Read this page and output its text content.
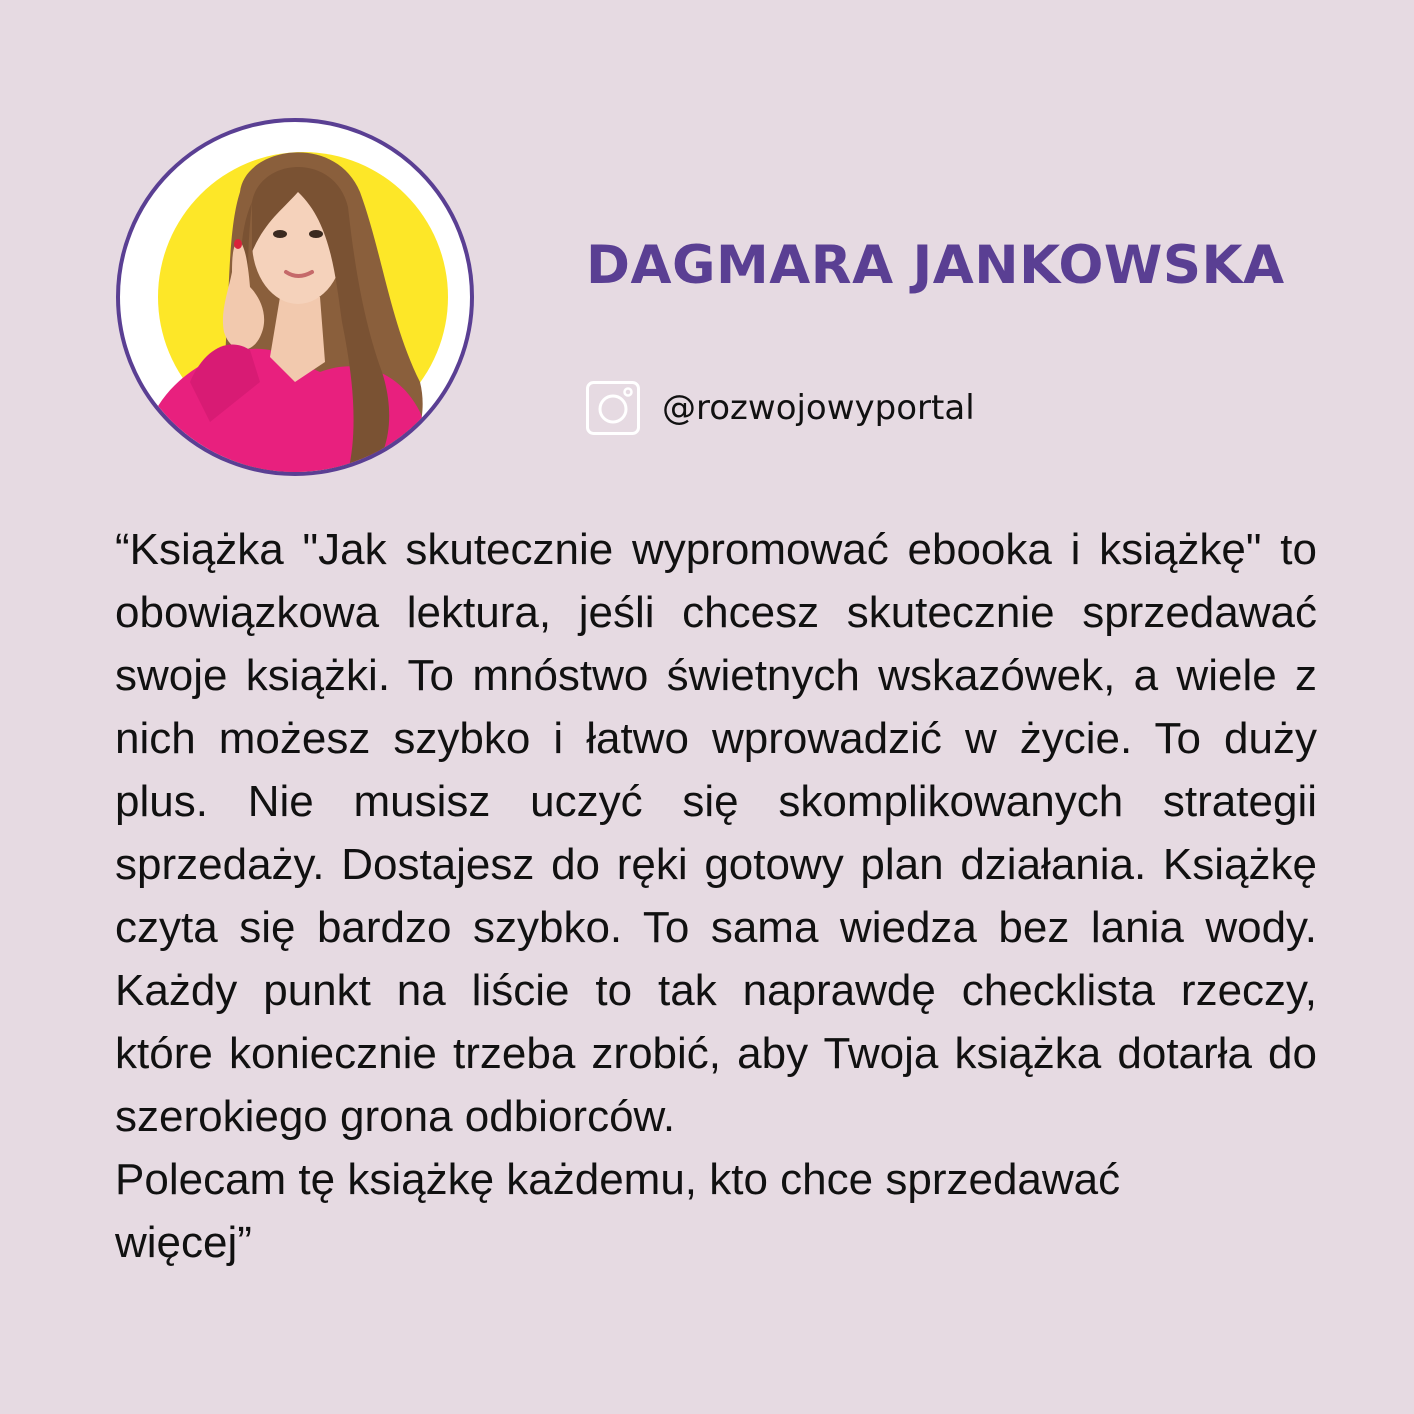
DAGMARA JANKOWSKA
@rozwojowyportal

“Książka "Jak skutecznie wypromować ebooka i książkę" to obowiązkowa lektura, jeśli chcesz skutecznie sprzedawać swoje książki. To mnóstwo świetnych wskazówek, a wiele z nich możesz szybko i łatwo wprowadzić w życie. To duży plus. Nie musisz uczyć się skomplikowanych strategii sprzedaży. Dostajesz do ręki gotowy plan działania. Książkę czyta się bardzo szybko. To sama wiedza bez lania wody. Każdy punkt na liście to tak naprawdę checklista rzeczy, które koniecznie trzeba zrobić, aby Twoja książka dotarła do szerokiego grona odbiorców.

Polecam tę książkę każdemu, kto chce sprzedawać więcej”
